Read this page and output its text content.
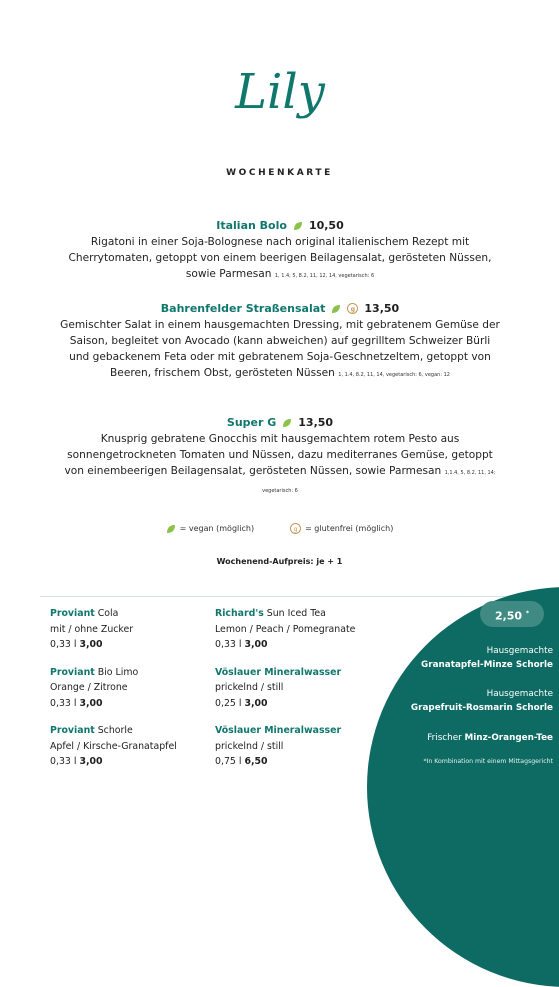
Lily
WOCHENKARTE
Italian Bolo 10,50
Rigatoni in einer Soja-Bolognese nach original italienischem Rezept mit Cherrytomaten, getoppt von einem beerigen Beilagensalat, gerösteten Nüssen, sowie Parmesan 1, 1.4, 5, 8.2, 11, 12, 14, vegetarisch: 6
Bahrenfelder Straßensalat	g 13,50
Gemischter Salat in einem hausgemachten Dressing, mit gebratenem Gemüse der Saison, begleitet von Avocado (kann abweichen) auf gegrilltem Schweizer Bürli und gebackenem Feta oder mit gebratenem Soja-Geschnetzeltem, getoppt von Beeren, frischem Obst, gerösteten Nüssen 1, 1.4, 8.2, 11, 14, vegetarisch: 6, vegan: 12
Super G 13,50
Knusprig gebratene Gnocchis mit hausgemachtem rotem Pesto aus sonnengetrockneten Tomaten und Nüssen, dazu mediterranes Gemüse, getoppt von einembeerigen Beilagensalat, gerösteten Nüssen, sowie Parmesan 1,1.4, 5, 8.2, 11, 14; vegetarisch: 6
= vegan (möglich)	g = glutenfrei (möglich)
Wochenend-Aufpreis: je + 1
Proviant Cola
mit / ohne Zucker
0,33 l 3,00
Proviant Bio Limo
Orange / Zitrone
0,33 l 3,00
Proviant Schorle
Apfel / Kirsche-Granatapfel
0,33 l 3,00
Richard's Sun Iced Tea
Lemon / Peach / Pomegranate
0,33 l 3,00
Vöslauer Mineralwasser
prickelnd / still
0,25 l 3,00
Vöslauer Mineralwasser
prickelnd / still
0,75 l 6,50
2,50 *
Hausgemachte
Granatapfel-Minze Schorle
Hausgemachte
Grapefruit-Rosmarin Schorle
Frischer Minz-Orangen-Tee
*In Kombination mit einem Mittagsgericht
